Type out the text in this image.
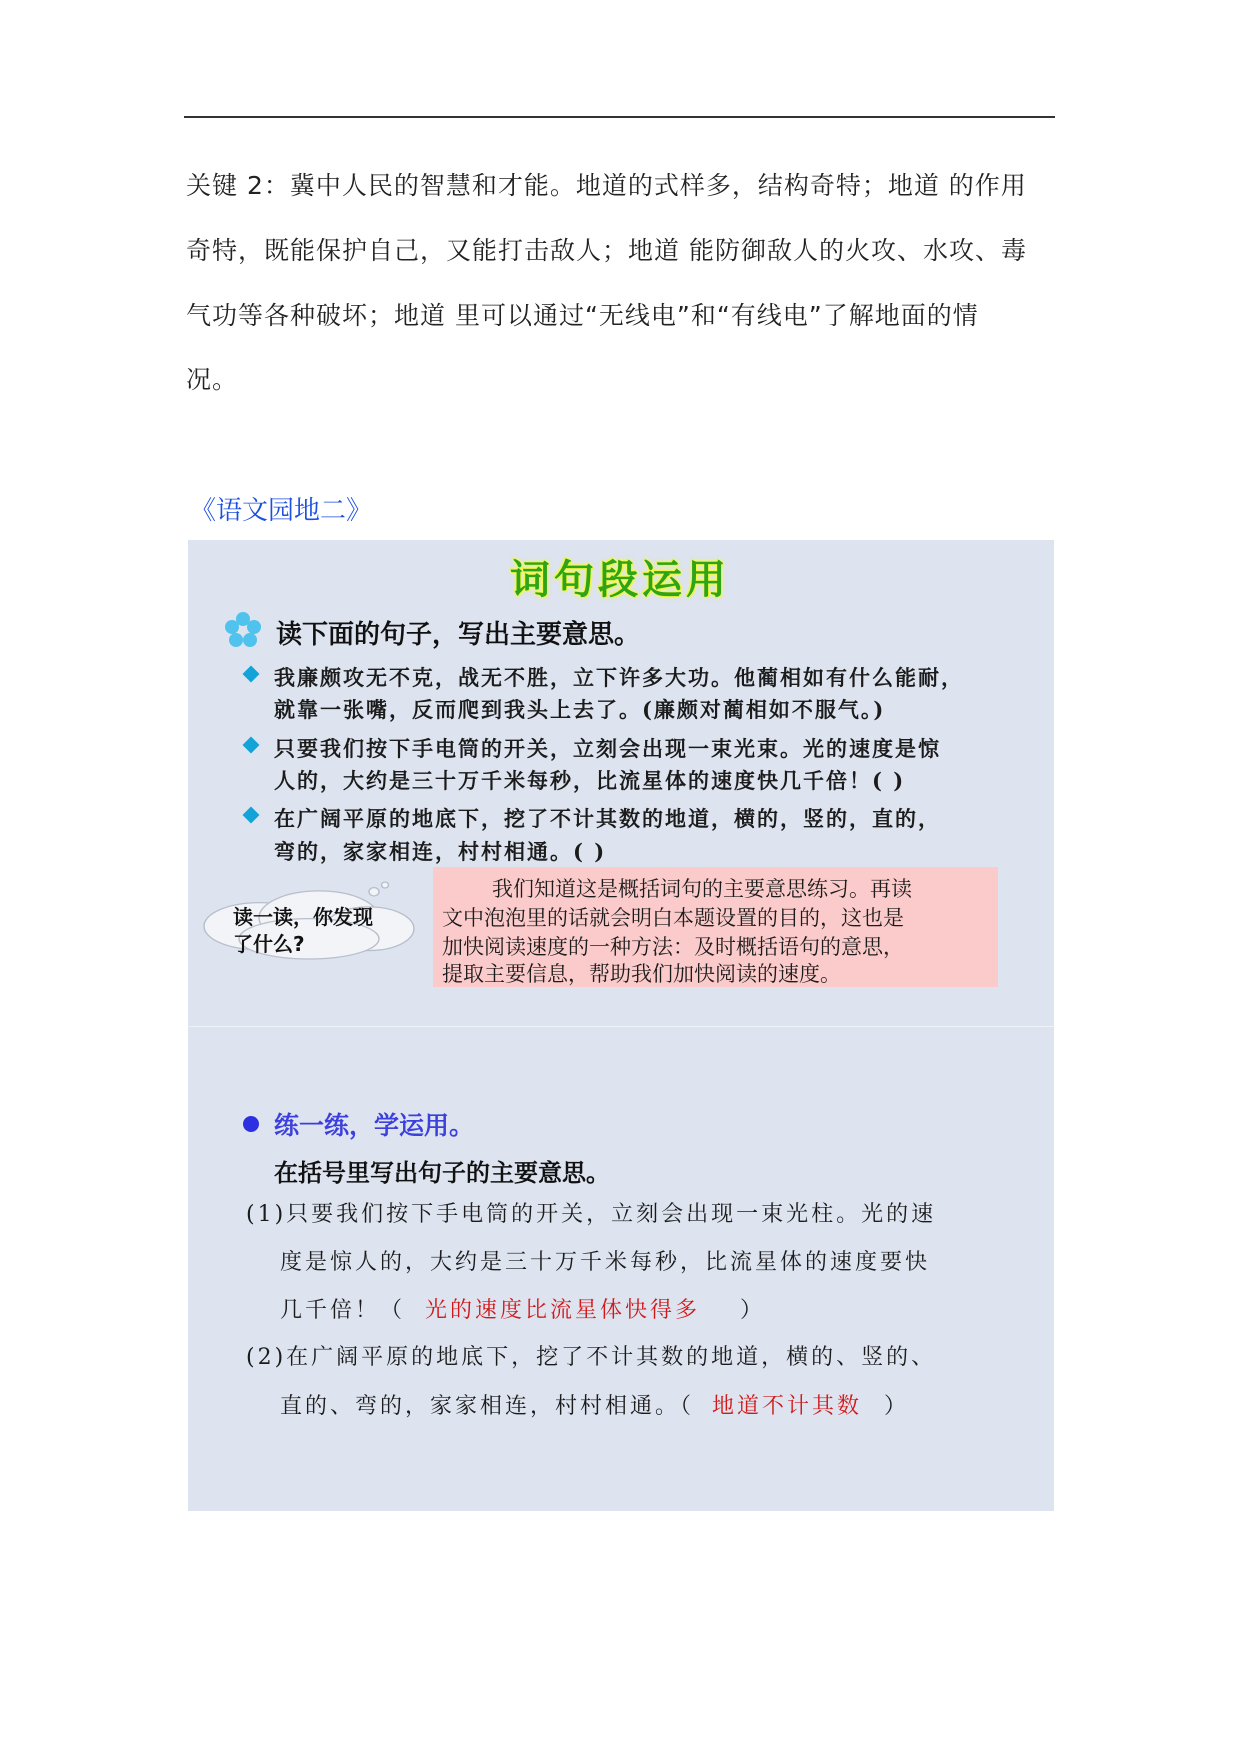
关键 2：冀中人民的智慧和才能。地道的式样多，结构奇特；地道 的作用
奇特，既能保护自己，又能打击敌人；地道 能防御敌人的火攻、水攻、毒
气功等各种破坏；地道 里可以通过“无线电”和“有线电”了解地面的情
况。
《语文园地二》
词句段运用
读下面的句子，写出主要意思。
我廉颇攻无不克，战无不胜，立下许多大功。他蔺相如有什么能耐，
就靠一张嘴，反而爬到我头上去了。(廉颇对蔺相如不服气。)
只要我们按下手电筒的开关，立刻会出现一束光束。光的速度是惊
人的，大约是三十万千米每秒，比流星体的速度快几千倍！( )
在广阔平原的地底下，挖了不计其数的地道，横的，竖的，直的，
弯的，家家相连，村村相通。( )
读一读，你发现
了什么?
我们知道这是概括词句的主要意思练习。再读
文中泡泡里的话就会明白本题设置的目的，这也是
加快阅读速度的一种方法：及时概括语句的意思，
提取主要信息，帮助我们加快阅读的速度。
练一练，学运用。
在括号里写出句子的主要意思。
(1)只要我们按下手电筒的开关，立刻会出现一束光柱。光的速
度是惊人的，大约是三十万千米每秒，比流星体的速度要快
几千倍！（ 光的速度比流星体快得多 ）
(2)在广阔平原的地底下，挖了不计其数的地道，横的、竖的、
直的、弯的，家家相连，村村相通。（ 地道不计其数 ）
